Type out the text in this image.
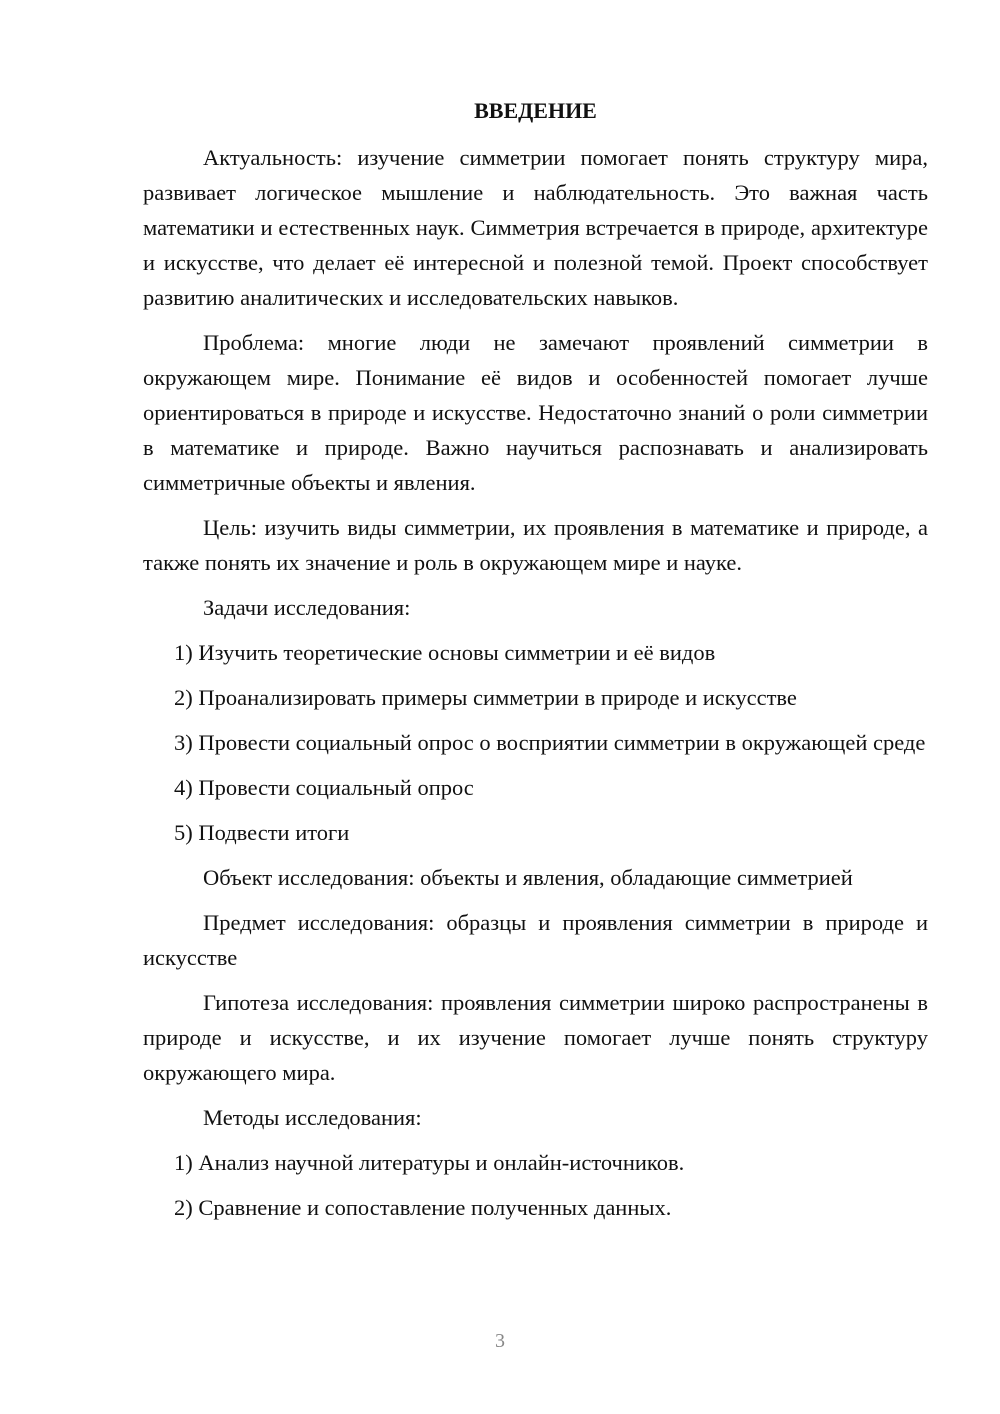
ВВЕДЕНИЕ

Актуальность: изучение симметрии помогает понять структуру мира, развивает логическое мышление и наблюдательность. Это важная часть математики и естественных наук. Симметрия встречается в природе, архитектуре и искусстве, что делает её интересной и полезной темой. Проект способствует развитию аналитических и исследовательских навыков.

Проблема: многие люди не замечают проявлений симметрии в окружающем мире. Понимание её видов и особенностей помогает лучше ориентироваться в природе и искусстве. Недостаточно знаний о роли симметрии в математике и природе. Важно научиться распознавать и анализировать симметричные объекты и явления.

Цель: изучить виды симметрии, их проявления в математике и природе, а также понять их значение и роль в окружающем мире и науке.

Задачи исследования:

1) Изучить теоретические основы симметрии и её видов

2) Проанализировать примеры симметрии в природе и искусстве

3) Провести социальный опрос о восприятии симметрии в окружающей среде

4) Провести социальный опрос

5) Подвести итоги

Объект исследования: объекты и явления, обладающие симметрией

Предмет исследования: образцы и проявления симметрии в природе и искусстве

Гипотеза исследования: проявления симметрии широко распространены в природе и искусстве, и их изучение помогает лучше понять структуру окружающего мира.

Методы исследования:

1) Анализ научной литературы и онлайн-источников.

2) Сравнение и сопоставление полученных данных.

3
